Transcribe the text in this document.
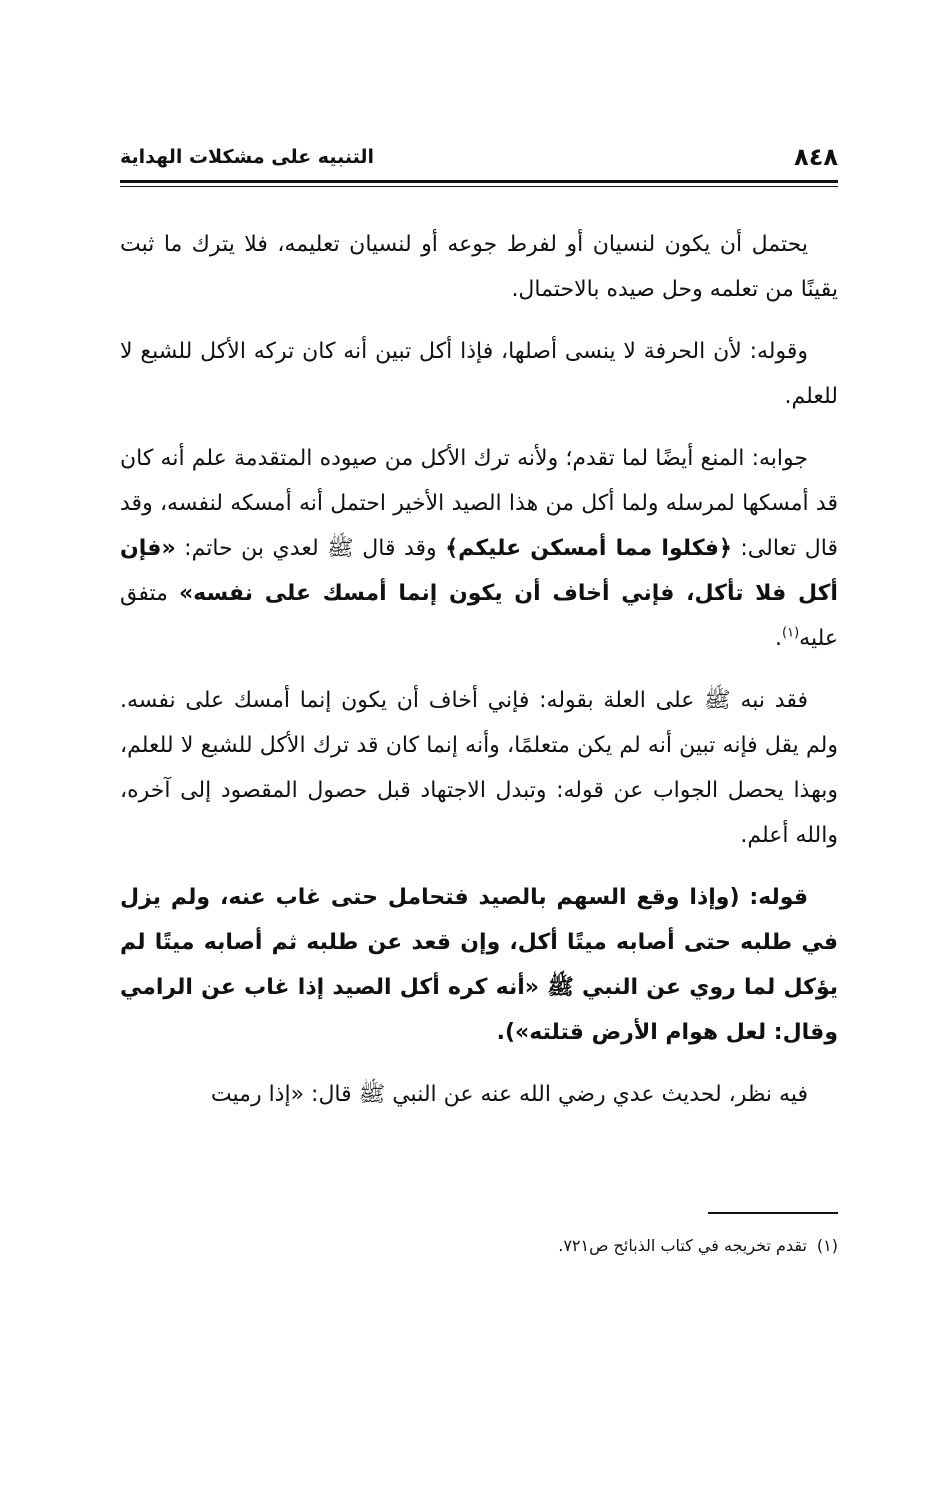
٨٤٨
التنبيه على مشكلات الهداية

يحتمل أن يكون لنسيان أو لفرط جوعه أو لنسيان تعليمه، فلا يترك ما ثبت يقينًا من تعلمه وحل صيده بالاحتمال.

وقوله: لأن الحرفة لا ينسى أصلها، فإذا أكل تبين أنه كان تركه الأكل للشبع لا للعلم.

جوابه: المنع أيضًا لما تقدم؛ ولأنه ترك الأكل من صيوده المتقدمة علم أنه كان قد أمسكها لمرسله ولما أكل من هذا الصيد الأخير احتمل أنه أمسكه لنفسه، وقد قال تعالى: ﴿فكلوا مما أمسكن عليكم﴾ وقد قال ﷺ لعدي بن حاتم: «فإن أكل فلا تأكل، فإني أخاف أن يكون إنما أمسك على نفسه» متفق عليه$^{(١)}$.

فقد نبه ﷺ على العلة بقوله: فإني أخاف أن يكون إنما أمسك على نفسه. ولم يقل فإنه تبين أنه لم يكن متعلمًا، وأنه إنما كان قد ترك الأكل للشبع لا للعلم، وبهذا يحصل الجواب عن قوله: وتبدل الاجتهاد قبل حصول المقصود إلى آخره، والله أعلم.

قوله: (وإذا وقع السهم بالصيد فتحامل حتى غاب عنه، ولم يزل في طلبه حتى أصابه ميتًا أكل، وإن قعد عن طلبه ثم أصابه ميتًا لم يؤكل لما روي عن النبي ﷺ «أنه كره أكل الصيد إذا غاب عن الرامي وقال: لعل هوام الأرض قتلته»).

فيه نظر، لحديث عدي رضي الله عنه عن النبي ﷺ قال: «إذا رميت

(١)تقدم تخريجه في كتاب الذبائح ص٧٢١.
